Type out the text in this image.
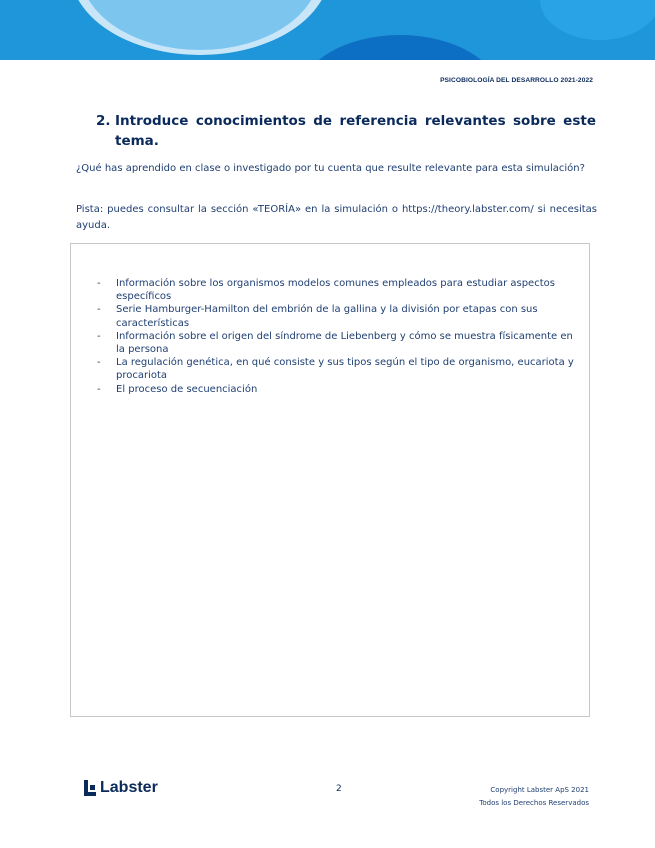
PSICOBIOLOGÍA DEL DESARROLLO 2021-2022
2. Introduce conocimientos de referencia relevantes sobre este tema.

¿Qué has aprendido en clase o investigado por tu cuenta que resulte relevante para esta simulación?

Pista: puedes consultar la sección «TEORÍA» en la simulación o https://theory.labster.com/ si necesitas ayuda.

- Información sobre los organismos modelos comunes empleados para estudiar aspectos específicos
- Serie Hamburger-Hamilton del embrión de la gallina y la división por etapas con sus características
- Información sobre el origen del síndrome de Liebenberg y cómo se muestra físicamente en la persona
- La regulación genética, en qué consiste y sus tipos según el tipo de organismo, eucariota y procariota
- El proceso de secuenciación
Labster	2	Copyright Labster ApS 2021
Todos los Derechos Reservados
